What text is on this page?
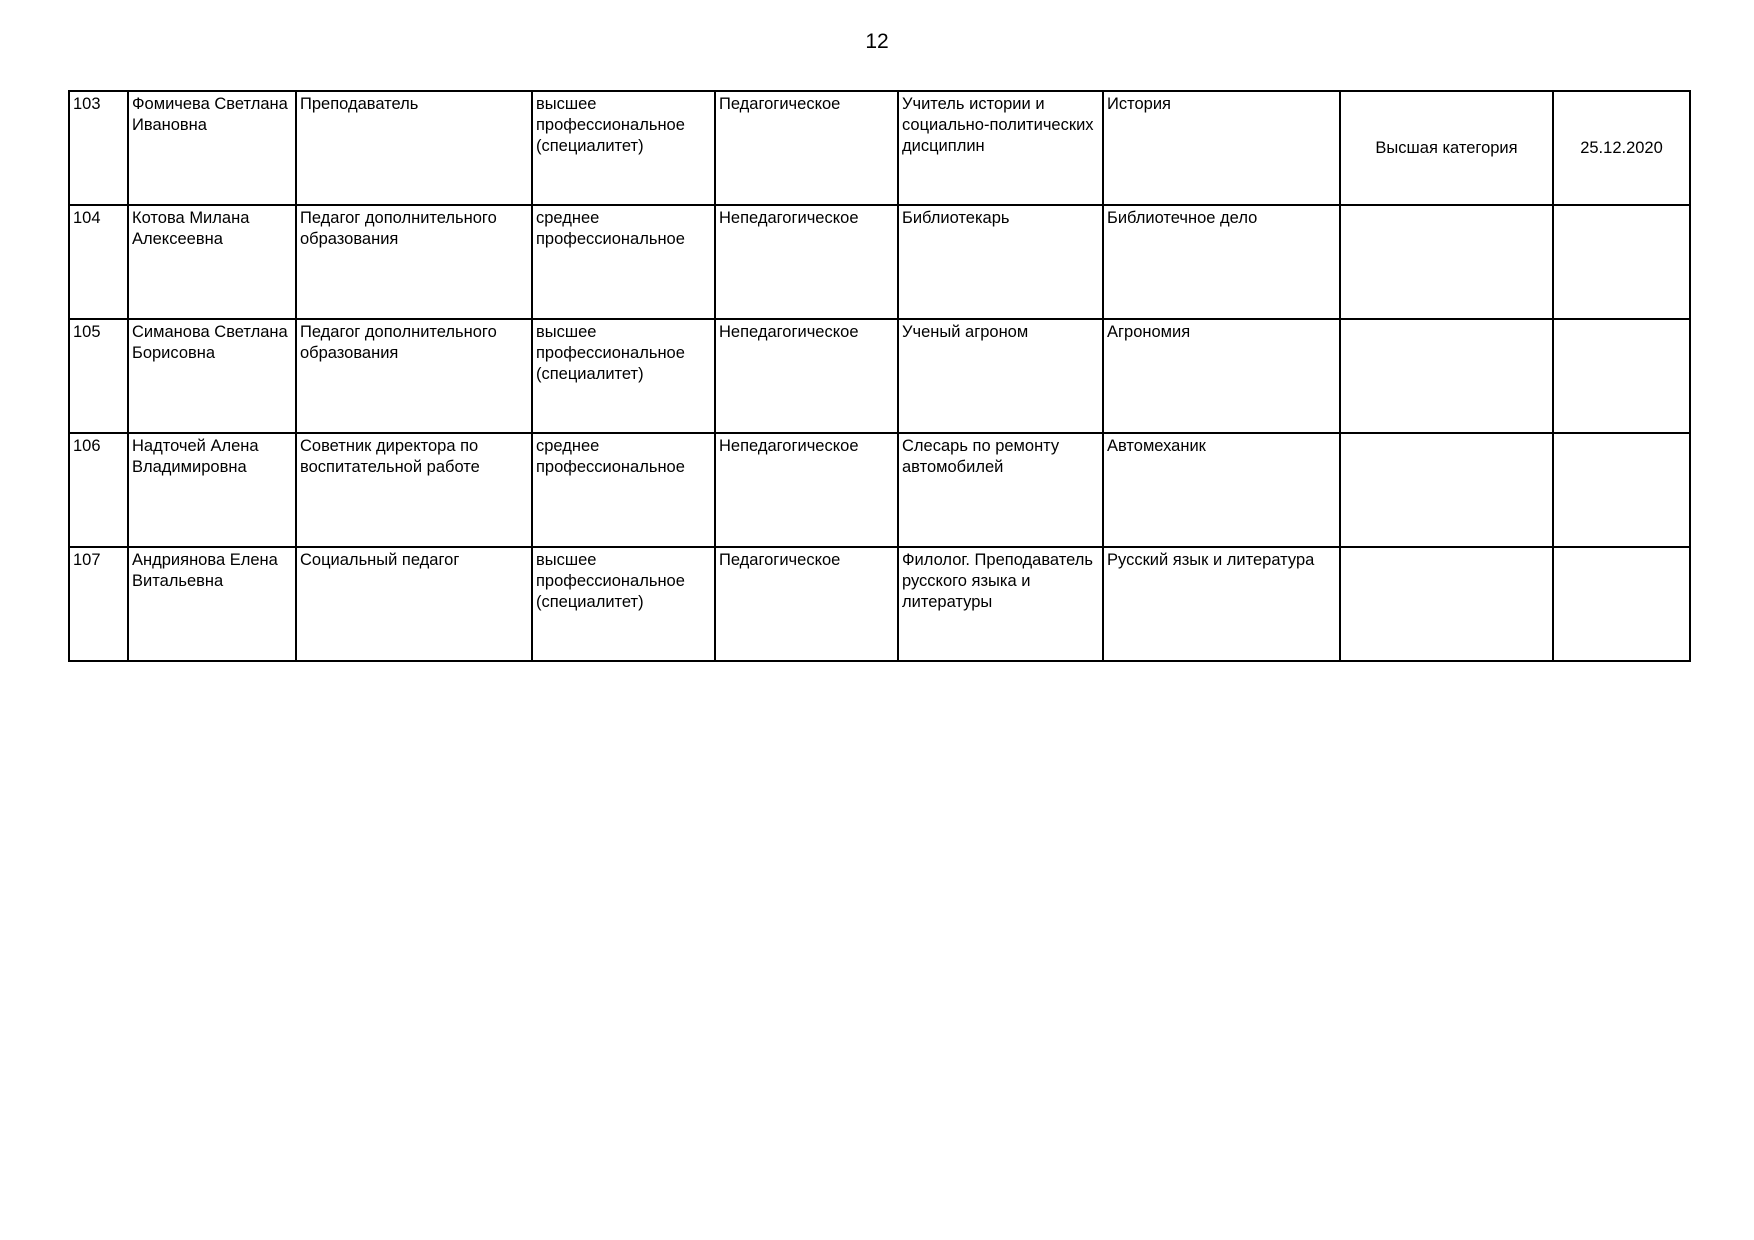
12
103	Фомичева Светлана Ивановна	Преподаватель	высшее профессиональное (специалитет)	Педагогическое	Учитель истории и социально-политических дисциплин	История	Высшая категория	25.12.2020
104	Котова Милана Алексеевна	Педагог дополнительного образования	среднее профессиональное	Непедагогическое	Библиотекарь	Библиотечное дело		
105	Симанова Светлана Борисовна	Педагог дополнительного образования	высшее профессиональное (специалитет)	Непедагогическое	Ученый агроном	Агрономия		
106	Надточей Алена Владимировна	Советник директора по воспитательной работе	среднее профессиональное	Непедагогическое	Слесарь по ремонту автомобилей	Автомеханик		
107	Андриянова Елена Витальевна	Социальный педагог	высшее профессиональное (специалитет)	Педагогическое	Филолог. Преподаватель русского языка и литературы	Русский язык и литература		
